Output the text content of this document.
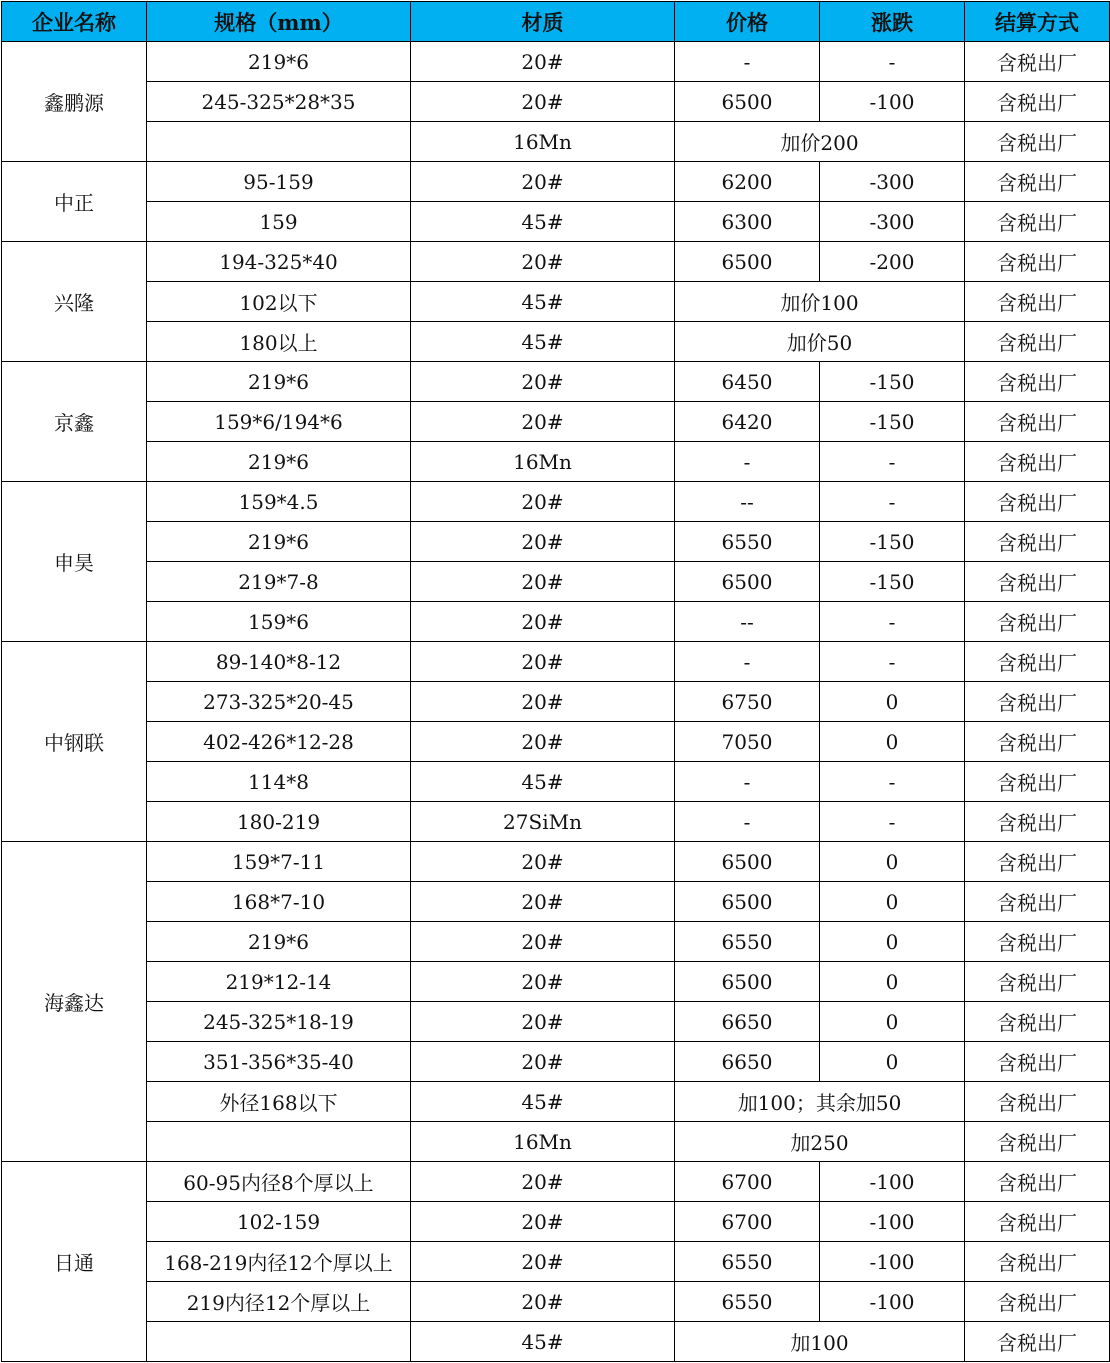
企业名称	规格（mm）	材质	价格	涨跌	结算方式
鑫鹏源	219*6	20#	-	-	含税出厂
	245-325*28*35	20#	6500	-100	含税出厂
		16Mn	加价200		含税出厂
中正	95-159	20#	6200	-300	含税出厂
	159	45#	6300	-300	含税出厂
兴隆	194-325*40	20#	6500	-200	含税出厂
	102以下	45#	加价100		含税出厂
	180以上	45#	加价50		含税出厂
京鑫	219*6	20#	6450	-150	含税出厂
	159*6/194*6	20#	6420	-150	含税出厂
	219*6	16Mn	-	-	含税出厂
申昊	159*4.5	20#	--	-	含税出厂
	219*6	20#	6550	-150	含税出厂
	219*7-8	20#	6500	-150	含税出厂
	159*6	20#	--	-	含税出厂
中钢联	89-140*8-12	20#	-	-	含税出厂
	273-325*20-45	20#	6750	0	含税出厂
	402-426*12-28	20#	7050	0	含税出厂
	114*8	45#	-	-	含税出厂
	180-219	27SiMn	-	-	含税出厂
海鑫达	159*7-11	20#	6500	0	含税出厂
	168*7-10	20#	6500	0	含税出厂
	219*6	20#	6550	0	含税出厂
	219*12-14	20#	6500	0	含税出厂
	245-325*18-19	20#	6650	0	含税出厂
	351-356*35-40	20#	6650	0	含税出厂
	外径168以下	45#	加100；其余加50		含税出厂
		16Mn	加250		含税出厂
日通	60-95内径8个厚以上	20#	6700	-100	含税出厂
	102-159	20#	6700	-100	含税出厂
	168-219内径12个厚以上	20#	6550	-100	含税出厂
	219内径12个厚以上	20#	6550	-100	含税出厂
		45#	加100		含税出厂
